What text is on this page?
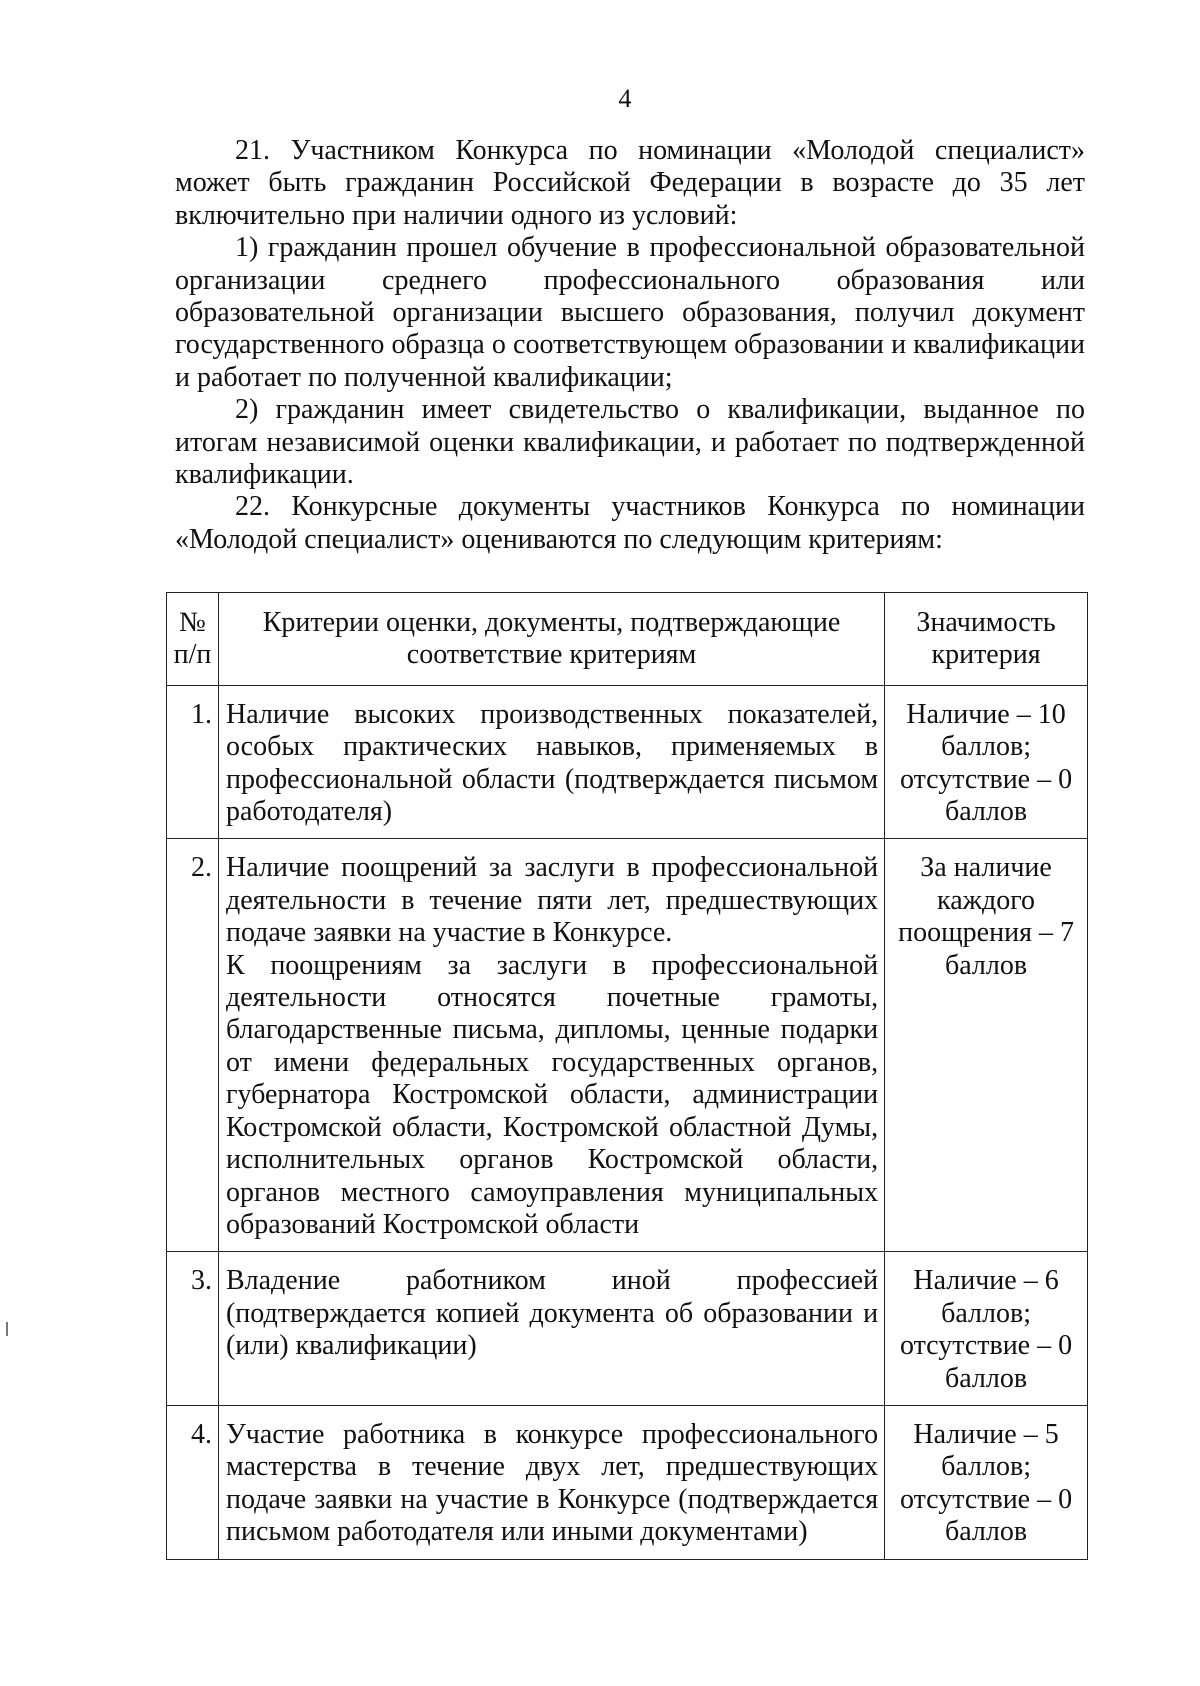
4

21. Участником Конкурса по номинации «Молодой специалист» может быть гражданин Российской Федерации в возрасте до 35 лет включительно при наличии одного из условий:

1) гражданин прошел обучение в профессиональной образовательной организации среднего профессионального образования или образовательной организации высшего образования, получил документ государственного образца о соответствующем образовании и квалификации и работает по полученной квалификации;

2) гражданин имеет свидетельство о квалификации, выданное по итогам независимой оценки квалификации, и работает по подтвержденной квалификации.

22. Конкурсные документы участников Конкурса по номинации «Молодой специалист» оцениваются по следующим критериям:

№ п/п	Критерии оценки, документы, подтверждающие соответствие критериям	Значимость критерия
1.	Наличие высоких производственных показателей, особых практических навыков, применяемых в профессиональной области (подтверждается письмом работодателя)	Наличие – 10 баллов; отсутствие – 0 баллов
2.	Наличие поощрений за заслуги в профессиональной деятельности в течение пяти лет, предшествующих подаче заявки на участие в Конкурсе.
К поощрениям за заслуги в профессиональной деятельности относятся почетные грамоты, благодарственные письма, дипломы, ценные подарки от имени федеральных государственных органов, губернатора Костромской области, администрации Костромской области, Костромской областной Думы, исполнительных органов Костромской области, органов местного самоуправления муниципальных образований Костромской области	За наличие каждого поощрения – 7 баллов
3.	Владение работником иной профессией (подтверждается копией документа об образовании и (или) квалификации)	Наличие – 6 баллов; отсутствие – 0 баллов
4.	Участие работника в конкурсе профессионального мастерства в течение двух лет, предшествующих подаче заявки на участие в Конкурсе (подтверждается письмом работодателя или иными документами)	Наличие – 5 баллов; отсутствие – 0 баллов
